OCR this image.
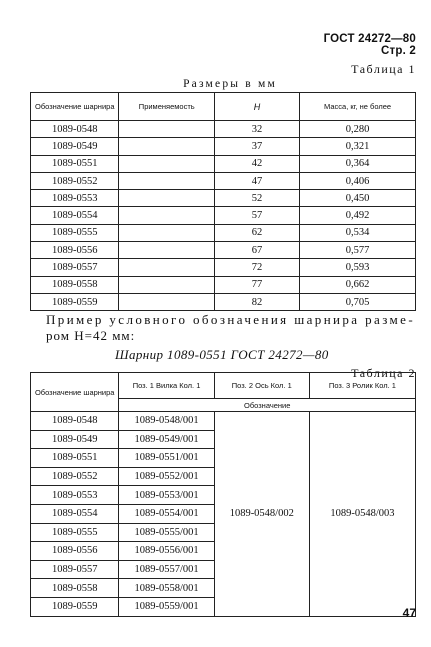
ГОСТ 24272—80 Стр. 2
Таблица 1
Размеры в мм
Обозначение шарнира	Применяемость	H	Масса, кг, не более
1089-0548		32	0,280
1089-0549		37	0,321
1089-0551		42	0,364
1089-0552		47	0,406
1089-0553		52	0,450
1089-0554		57	0,492
1089-0555		62	0,534
1089-0556		67	0,577
1089-0557		72	0,593
1089-0558		77	0,662
1089-0559		82	0,705
Пример условного обозначения шарнира разме-
ром H=42 мм:
Шарнир 1089-0551 ГОСТ 24272—80
Таблица 2
Обозначение шарнира	Поз. 1 Вилка Кол. 1	Поз. 2 Ось Кол. 1	Поз. 3 Ролик Кол. 1
	Обозначение		
1089-0548	1089-0548/001	1089-0548/002	1089-0548/003
1089-0549	1089-0549/001		
1089-0551	1089-0551/001		
1089-0552	1089-0552/001		
1089-0553	1089-0553/001		
1089-0554	1089-0554/001		
1089-0555	1089-0555/001		
1089-0556	1089-0556/001		
1089-0557	1089-0557/001		
1089-0558	1089-0558/001		
1089-0559	1089-0559/001			47
